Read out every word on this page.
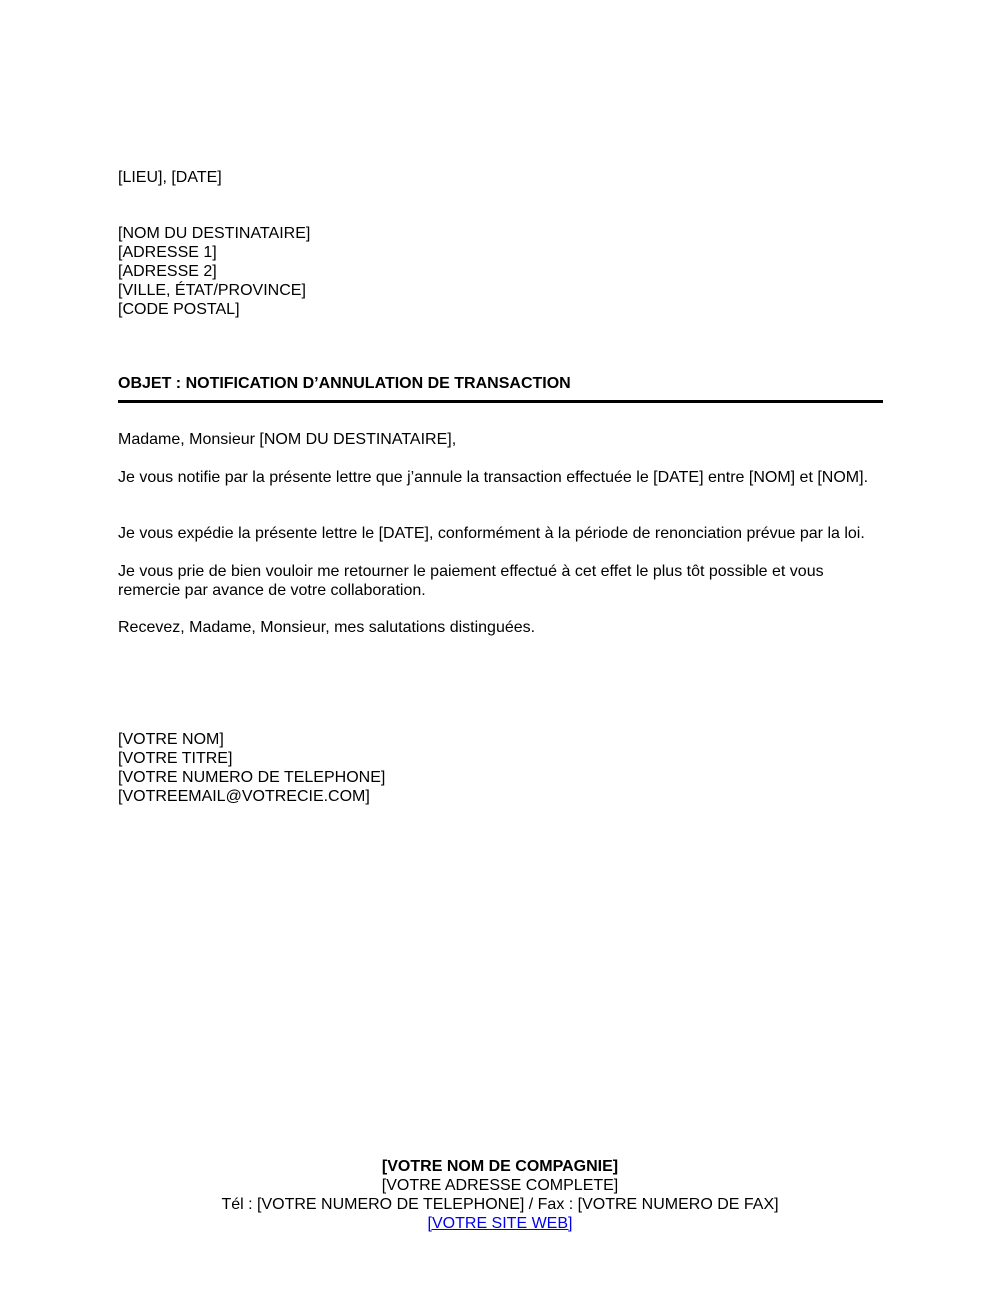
[LIEU], [DATE]
[NOM DU DESTINATAIRE]
[ADRESSE 1]
[ADRESSE 2]
[VILLE, ÉTAT/PROVINCE]
[CODE POSTAL]
OBJET : NOTIFICATION D’ANNULATION DE TRANSACTION
Madame, Monsieur [NOM DU DESTINATAIRE],

Je vous notifie par la présente lettre que j’annule la transaction effectuée le [DATE] entre [NOM] et [NOM].

Je vous expédie la présente lettre le [DATE], conformément à la période de renonciation prévue par la loi.

Je vous prie de bien vouloir me retourner le paiement effectué à cet effet le plus tôt possible et vous remercie par avance de votre collaboration.

Recevez, Madame, Monsieur, mes salutations distinguées.
[VOTRE NOM]
[VOTRE TITRE]
[VOTRE NUMERO DE TELEPHONE]
[VOTREEMAIL@VOTRECIE.COM]
[VOTRE NOM DE COMPAGNIE]
[VOTRE ADRESSE COMPLETE]
Tél : [VOTRE NUMERO DE TELEPHONE] / Fax : [VOTRE NUMERO DE FAX]
[VOTRE SITE WEB]
